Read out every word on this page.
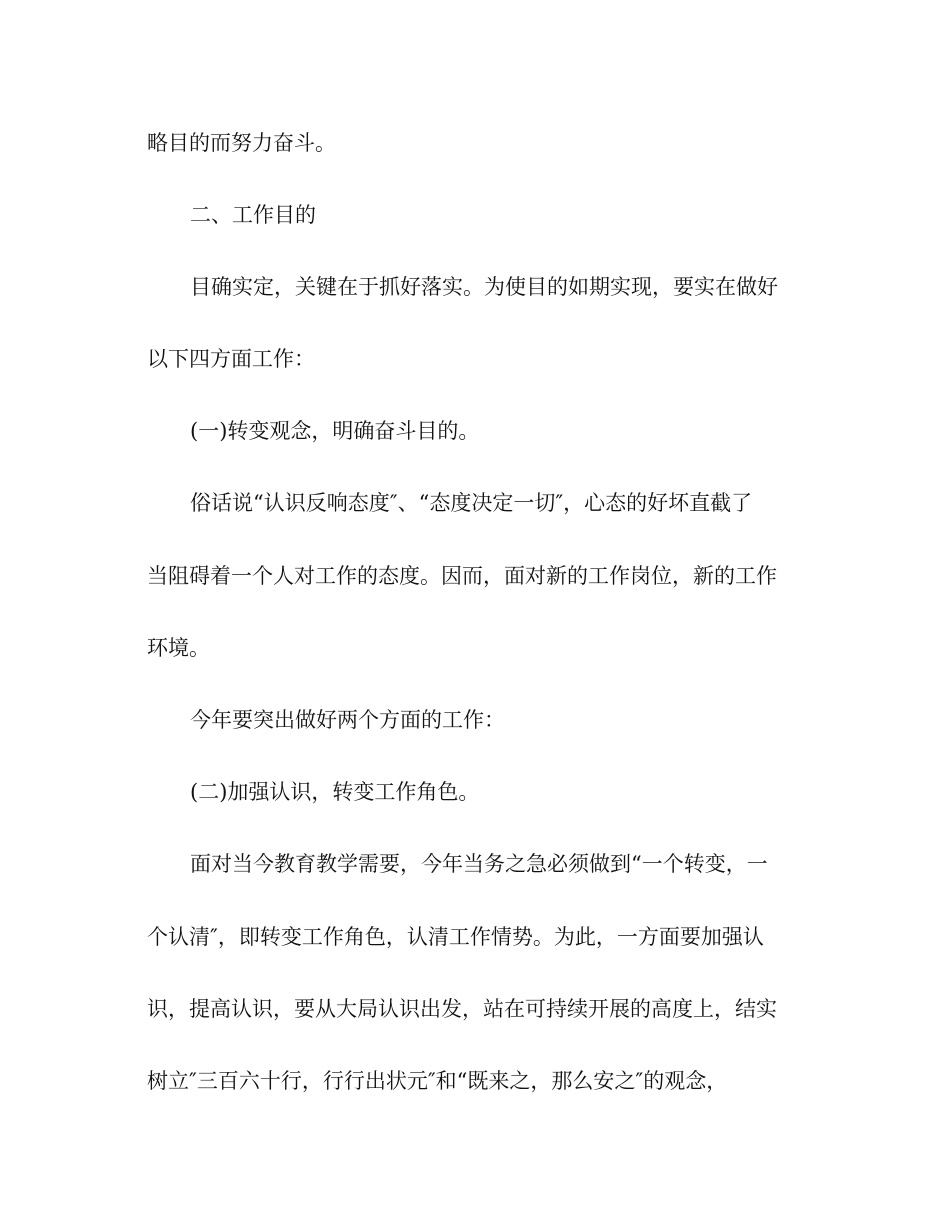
略目的而努力奋斗。
二、工作目的
目确实定，关键在于抓好落实。为使目的如期实现，要实在做好
以下四方面工作：
(一)转变观念，明确奋斗目的。
俗话说“认识反响态度″、“态度决定一切″，心态的好坏直截了
当阻碍着一个人对工作的态度。因而，面对新的工作岗位，新的工作
环境。
今年要突出做好两个方面的工作：
(二)加强认识，转变工作角色。
面对当今教育教学需要，今年当务之急必须做到“一个转变，一
个认清″，即转变工作角色，认清工作情势。为此，一方面要加强认
识，提高认识，要从大局认识出发，站在可持续开展的高度上，结实
树立″三百六十行，行行出状元″和“既来之，那么安之″的观念，
